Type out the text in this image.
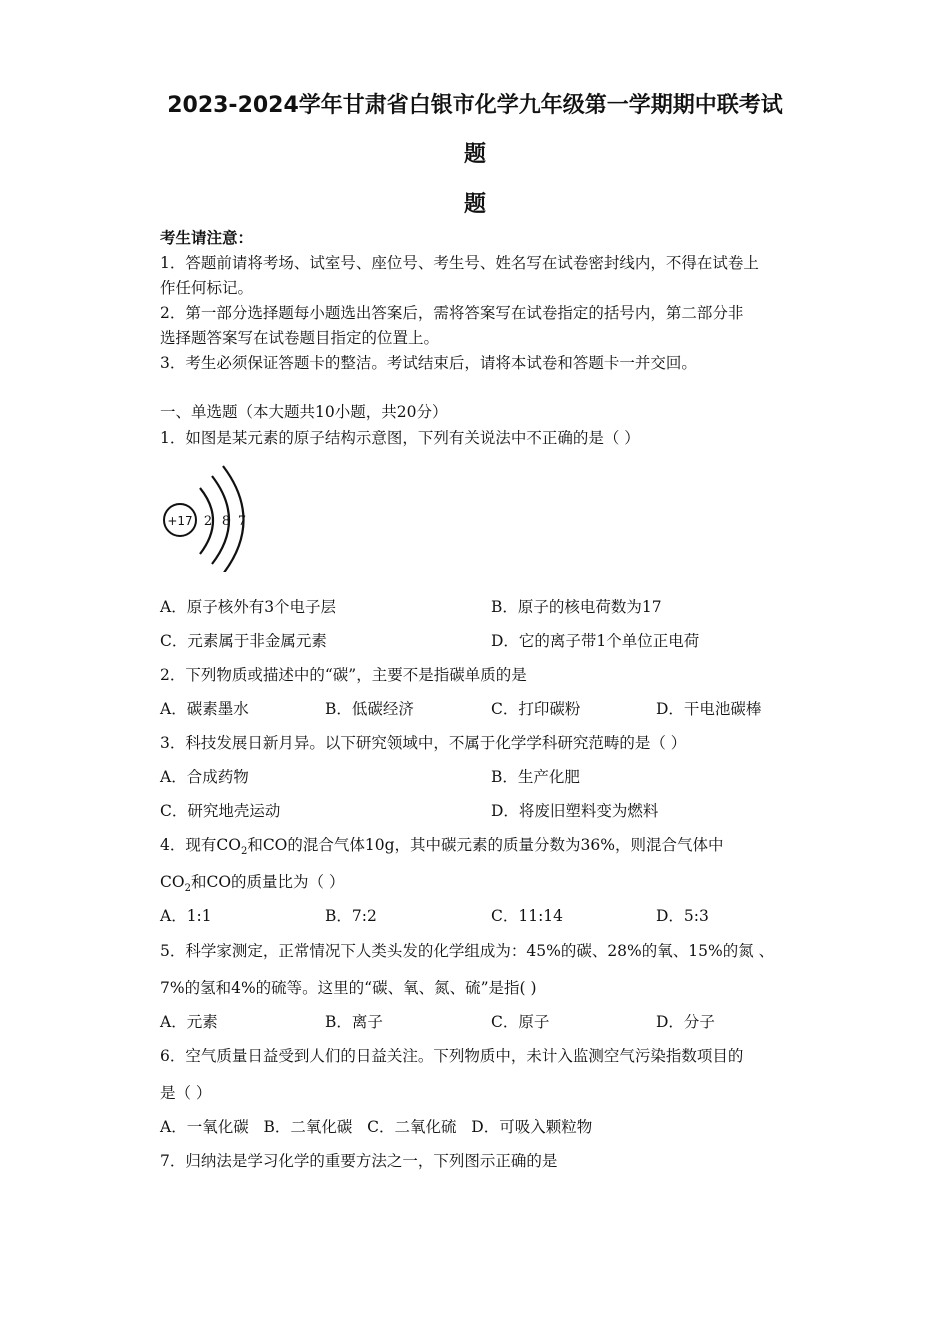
2023-2024学年甘肃省白银市化学九年级第一学期期中联考试
题
题
考生请注意：
1．答题前请将考场、试室号、座位号、考生号、姓名写在试卷密封线内，不得在试卷上
作任何标记。
2．第一部分选择题每小题选出答案后，需将答案写在试卷指定的括号内，第二部分非
选择题答案写在试卷题目指定的位置上。
3．考生必须保证答题卡的整洁。考试结束后，请将本试卷和答题卡一并交回。
一、单选题（本大题共10小题，共20分）
1．如图是某元素的原子结构示意图，下列有关说法中不正确的是（ ）
+17 2 8 7
A．原子核外有3个电子层	B．原子的核电荷数为17
C．元素属于非金属元素	D．它的离子带1个单位正电荷
2．下列物质或描述中的“碳”，主要不是指碳单质的是
A．碳素墨水	B．低碳经济	C．打印碳粉	D．干电池碳棒
3．科技发展日新月异。以下研究领域中，不属于化学学科研究范畴的是（ ）
A．合成药物	B．生产化肥
C．研究地壳运动	D．将废旧塑料变为燃料
4．现有$CO_2$和CO的混合气体10g，其中碳元素的质量分数为36%，则混合气体中
$CO_2$和CO的质量比为（ ）
A．1:1	B．7:2	C．11:14	D．5:3
5．科学家测定，正常情况下人类头发的化学组成为：45%的碳、28%的氧、15%的氮 、
7%的氢和4%的硫等。这里的“碳、氧、氮、硫”是指( )
A．元素	B．离子	C．原子	D．分子
6．空气质量日益受到人们的日益关注。下列物质中，未计入监测空气污染指数项目的
是（ ）
A．一氧化碳   B．二氧化碳   C．二氧化硫   D．可吸入颗粒物
7．归纳法是学习化学的重要方法之一，下列图示正确的是
